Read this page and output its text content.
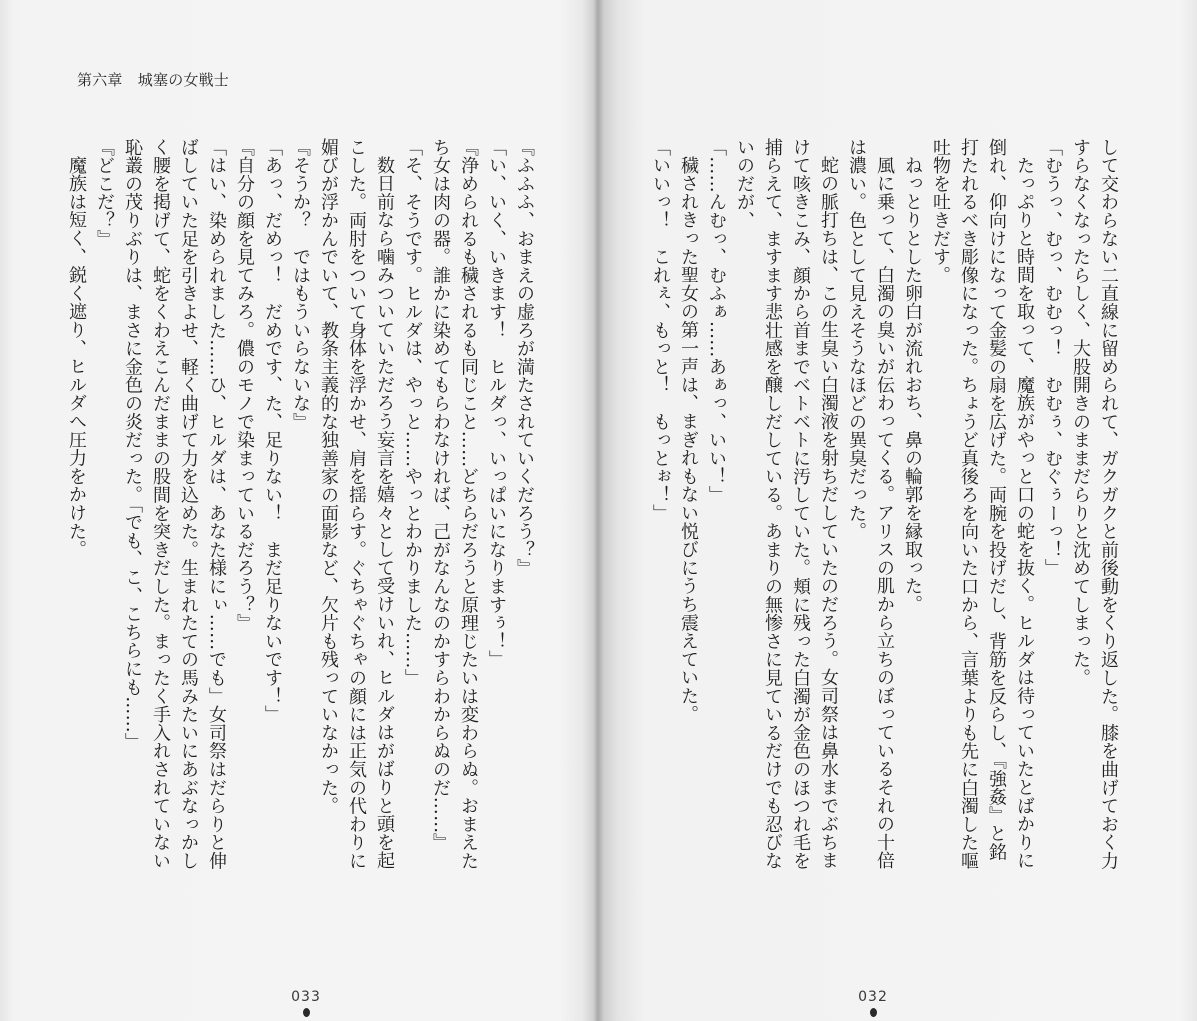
第六章　城塞の女戦士
『ふふふ、おまえの虚ろが満たされていくだろう？』
「い、いく、いきます！　ヒルダっ、いっぱいになりますぅ！」
『浄められるも穢されるも同じこと……どちらだろうと原理じたいは変わらぬ。おまえた
ち女は肉の器。誰かに染めてもらわなければ、己がなんなのかすらわからぬのだ……』
「そ、そうです。ヒルダは、やっと……やっとわかりました……」
数日前なら噛みついていただろう妄言を嬉々として受けいれ、ヒルダはがばりと頭を起
こした。両肘をついて身体を浮かせ、肩を揺らす。ぐちゃぐちゃの顔には正気の代わりに
媚びが浮かんでいて、教条主義的な独善家の面影など、欠片も残っていなかった。
『そうか？　ではもういらないな』
「あっ、だめっ！　だめです、た、足りない！　まだ足りないです！」
『自分の顔を見てみろ。儂のモノで染まっているだろう？』
「はい、染められました……ひ、ヒルダは、あなた様にぃ……でも」女司祭はだらりと伸
ばしていた足を引きよせ、軽く曲げて力を込めた。生まれたての馬みたいにあぶなっかし
く腰を掲げて、蛇をくわえこんだままの股間を突きだした。まったく手入れされていない
恥叢の茂りぶりは、まさに金色の炎だった。「でも、こ、こちらにも……」
『どこだ？』
魔族は短く、鋭く遮り、ヒルダへ圧力をかけた。
033
して交わらない二直線に留められて、ガクガクと前後動をくり返した。膝を曲げておく力
すらなくなったらしく、大股開きのままだらりと沈めてしまった。
「むうっ、むっ、むむっ！　むむぅ、むぐぅーっ！」
たっぷりと時間を取って、魔族がやっと口の蛇を抜く。ヒルダは待っていたとばかりに
倒れ、仰向けになって金髪の扇を広げた。両腕を投げだし、背筋を反らし、『強姦』と銘
打たれるべき彫像になった。ちょうど真後ろを向いた口から、言葉よりも先に白濁した嘔
吐物を吐きだす。
ねっとりとした卵白が流れおち、鼻の輪郭を縁取った。
風に乗って、白濁の臭いが伝わってくる。アリスの肌から立ちのぼっているそれの十倍
は濃い。色として見えそうなほどの異臭だった。
蛇の脈打ちは、この生臭い白濁液を射ちだしていたのだろう。女司祭は鼻水までぶちま
けて咳きこみ、顔から首までベトベトに汚していた。頬に残った白濁が金色のほつれ毛を
捕らえて、ますます悲壮感を醸しだしている。あまりの無惨さに見ているだけでも忍びな
いのだが、
「……んむっ、むふぁ……あぁっ、いい！」
穢されきった聖女の第一声は、まぎれもない悦びにうち震えていた。
「いいっ！　これぇ、もっと！　もっとぉ！」
032
